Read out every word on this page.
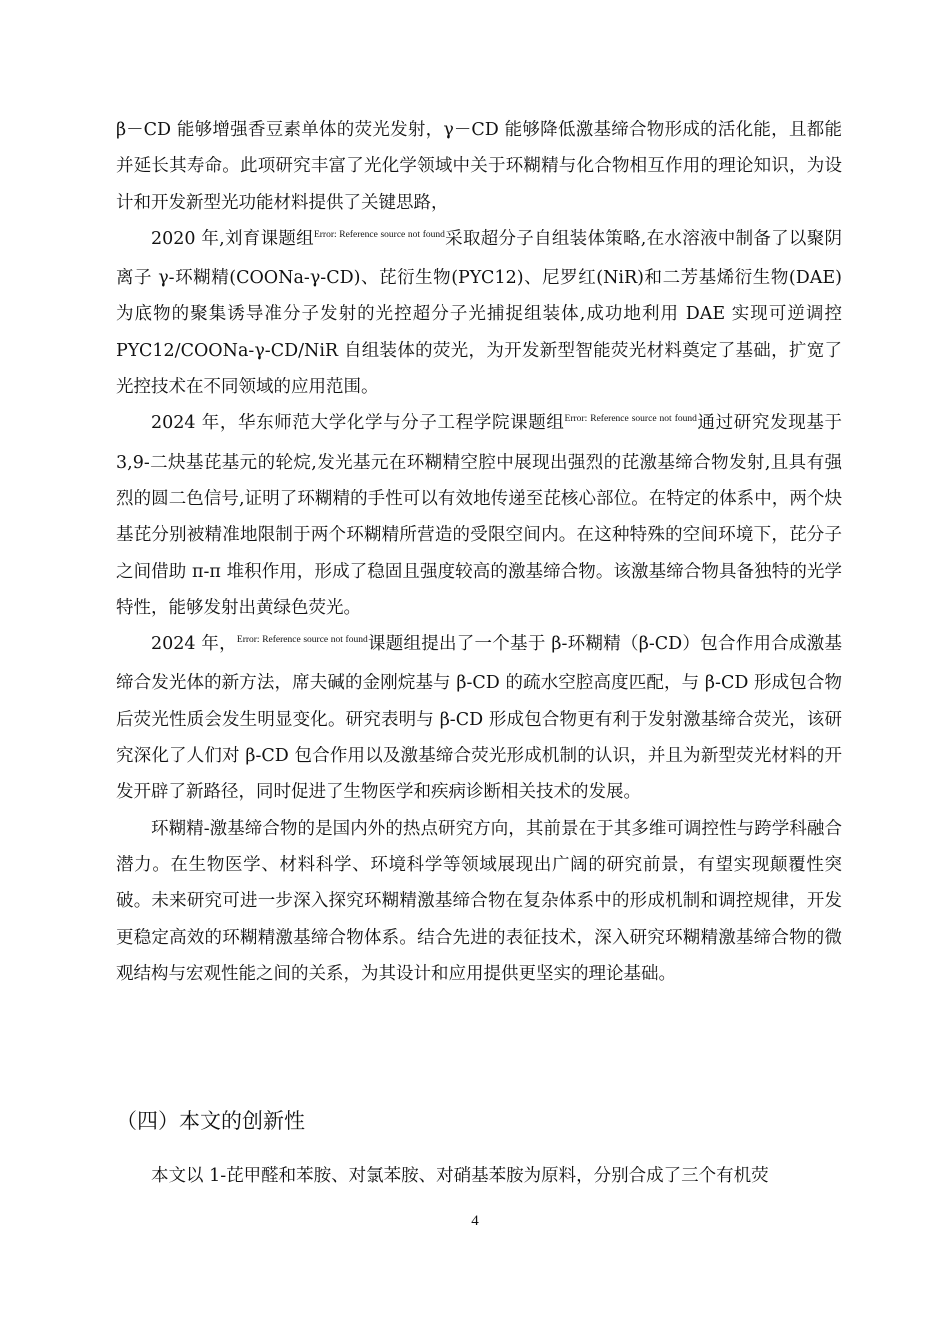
β－CD 能够增强香豆素单体的荧光发射，γ－CD 能够降低激基缔合物形成的活化能，且都能并延长其寿命。此项研究丰富了光化学领域中关于环糊精与化合物相互作用的理论知识，为设计和开发新型光功能材料提供了关键思路，

2020 年,刘育课题组$^{Error: Reference source not found}$采取超分子自组装体策略,在水溶液中制备了以聚阴离子 γ-环糊精(COONa-γ-CD)、芘衍生物(PYC12)、尼罗红(NiR)和二芳基烯衍生物(DAE)为底物的聚集诱导准分子发射的光控超分子光捕捉组装体,成功地利用 DAE 实现可逆调控 PYC12/COONa-γ-CD/NiR 自组装体的荧光，为开发新型智能荧光材料奠定了基础，扩宽了光控技术在不同领域的应用范围。

2024 年，华东师范大学化学与分子工程学院课题组$^{Error: Reference source not found}$通过研究发现基于 3,9-二炔基芘基元的轮烷,发光基元在环糊精空腔中展现出强烈的芘激基缔合物发射,且具有强烈的圆二色信号,证明了环糊精的手性可以有效地传递至芘核心部位。在特定的体系中，两个炔基芘分别被精准地限制于两个环糊精所营造的受限空间内。在这种特殊的空间环境下，芘分子之间借助 π-π 堆积作用，形成了稳固且强度较高的激基缔合物。该激基缔合物具备独特的光学特性，能够发射出黄绿色荧光。

2024 年，$^{Error: Reference source not found}$课题组提出了一个基于 β-环糊精（β-CD）包合作用合成激基缔合发光体的新方法，席夫碱的金刚烷基与 β-CD 的疏水空腔高度匹配，与 β-CD 形成包合物后荧光性质会发生明显变化。研究表明与 β-CD 形成包合物更有利于发射激基缔合荧光，该研究深化了人们对 β-CD 包合作用以及激基缔合荧光形成机制的认识，并且为新型荧光材料的开发开辟了新路径，同时促进了生物医学和疾病诊断相关技术的发展。

环糊精-激基缔合物的是国内外的热点研究方向，其前景在于其多维可调控性与跨学科融合潜力。在生物医学、材料科学、环境科学等领域展现出广阔的研究前景，有望实现颠覆性突破。未来研究可进一步深入探究环糊精激基缔合物在复杂体系中的形成机制和调控规律，开发更稳定高效的环糊精激基缔合物体系。结合先进的表征技术，深入研究环糊精激基缔合物的微观结构与宏观性能之间的关系，为其设计和应用提供更坚实的理论基础。

（四）本文的创新性

本文以 1-芘甲醛和苯胺、对氯苯胺、对硝基苯胺为原料，分别合成了三个有机荧

4
